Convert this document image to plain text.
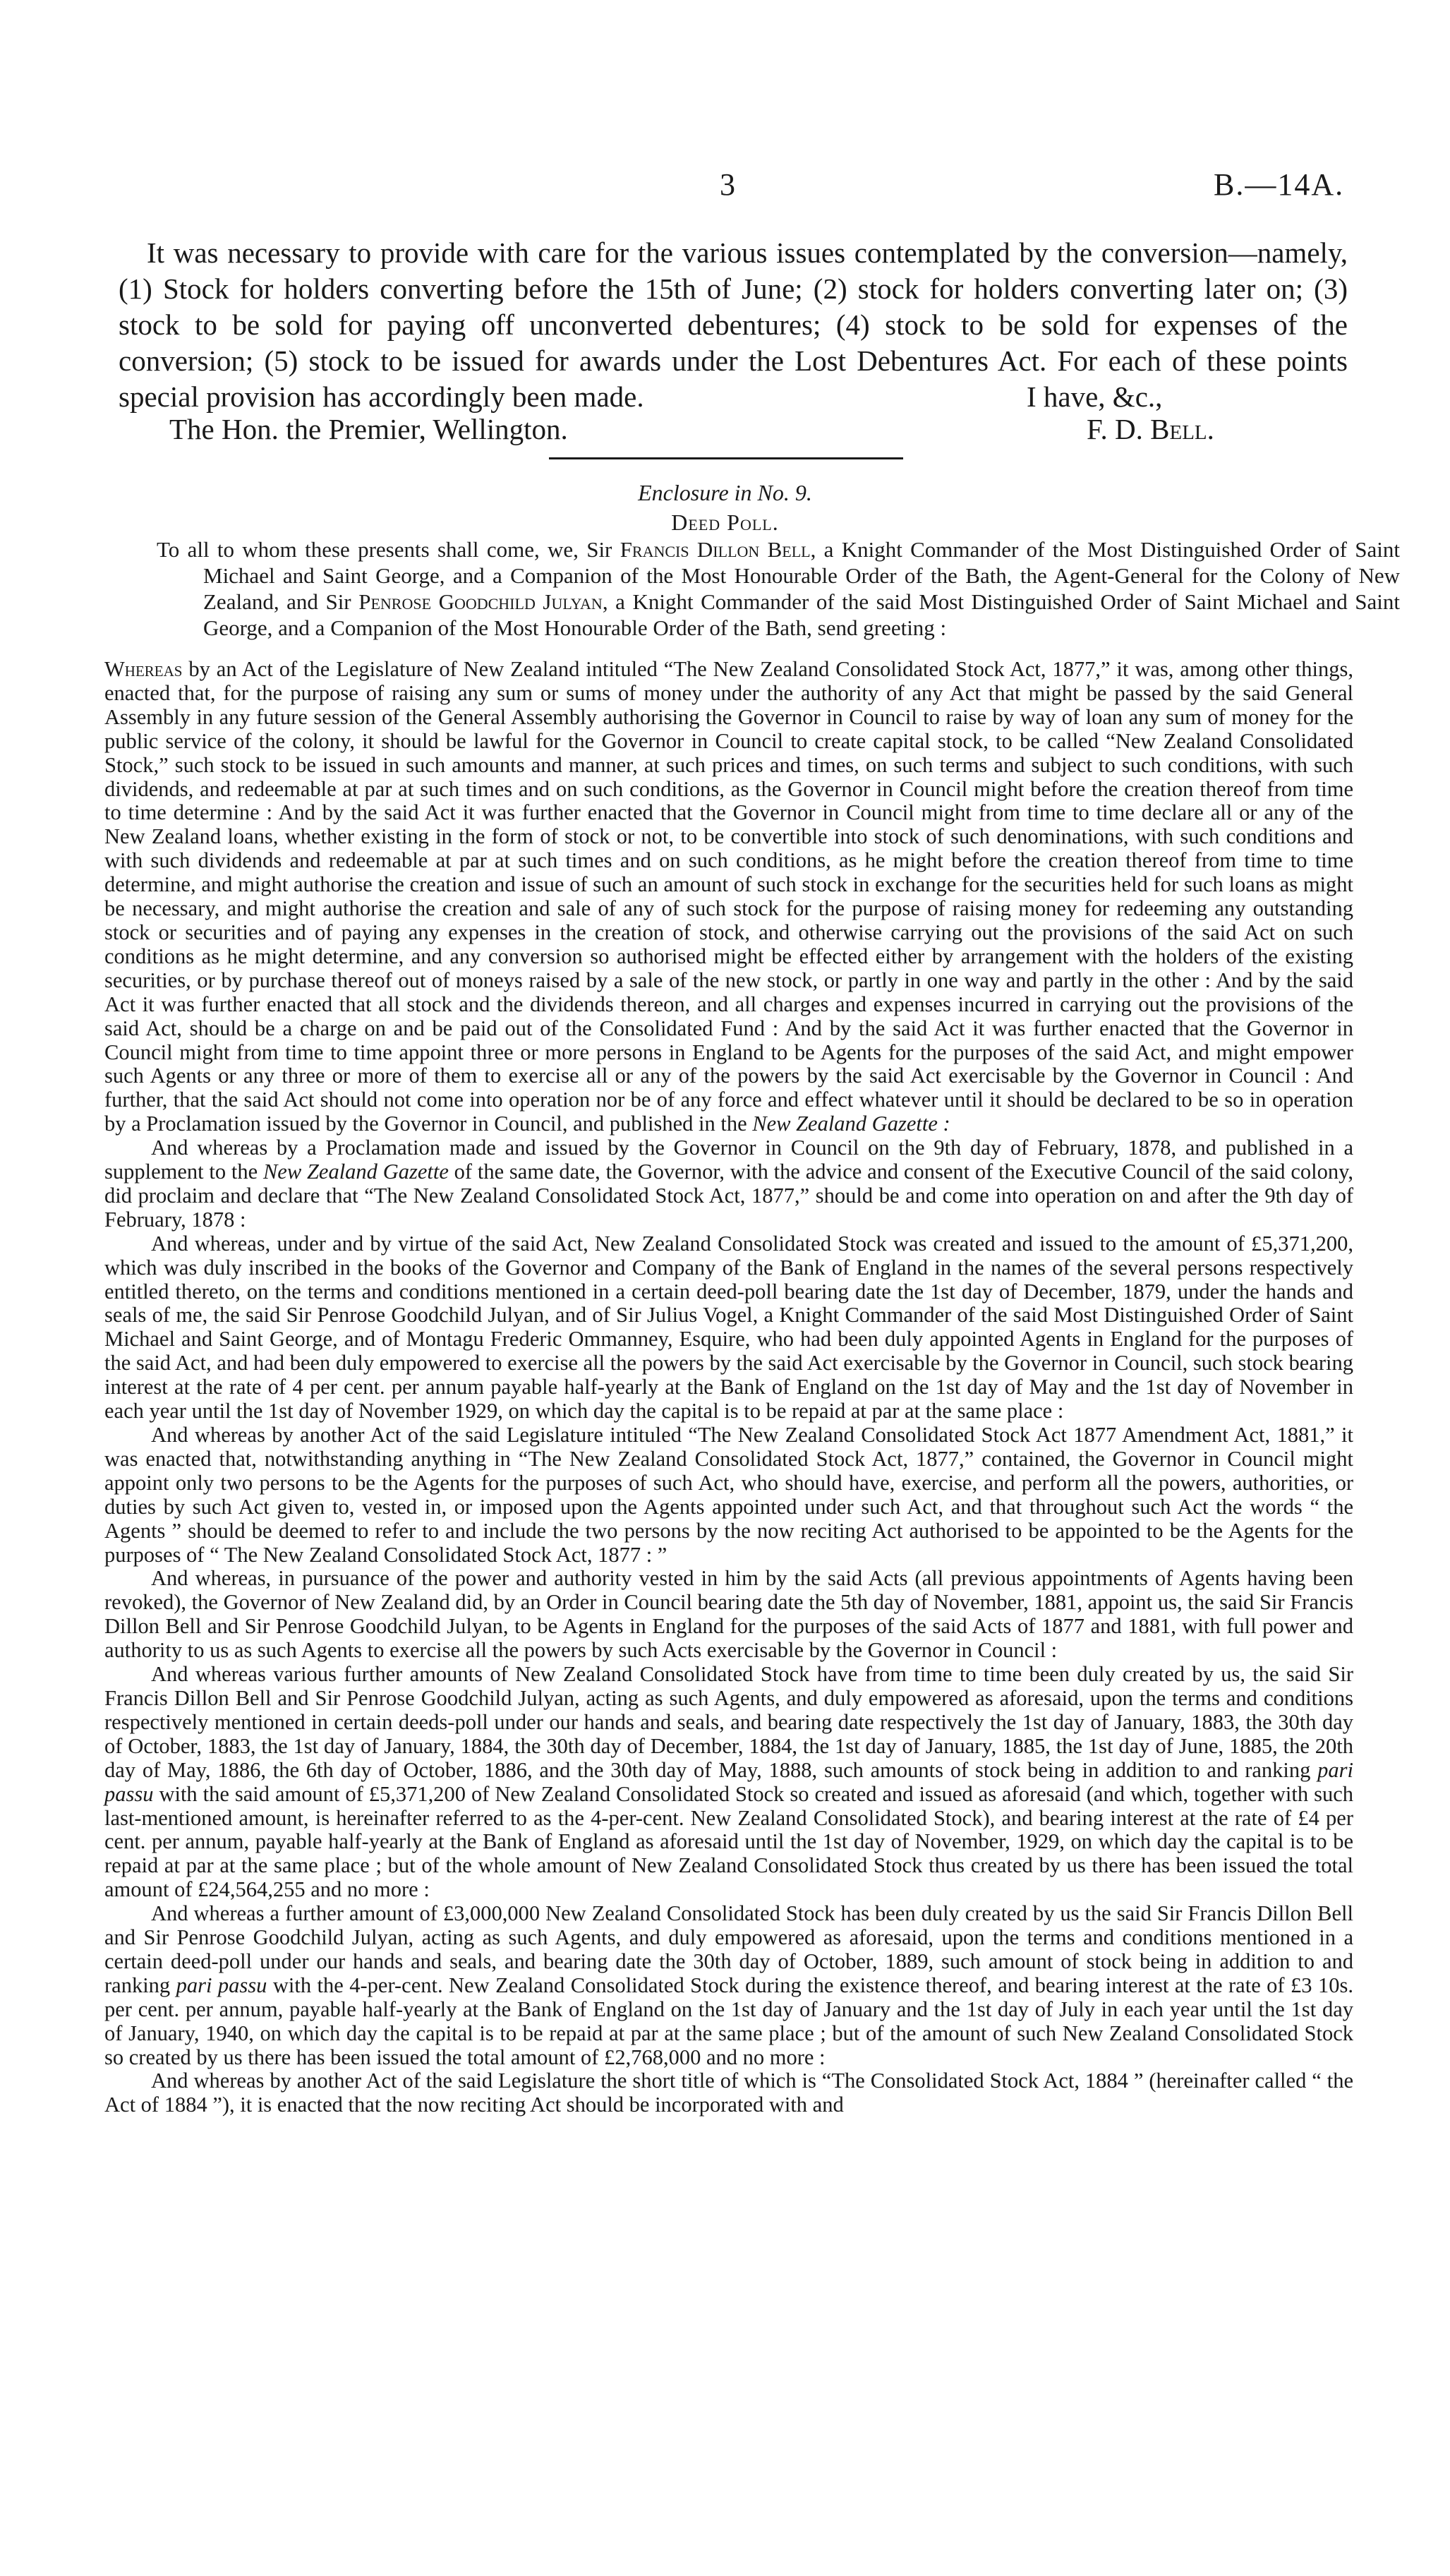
3	B.—14A.

It was necessary to provide with care for the various issues contemplated by the conversion—namely, (1) Stock for holders converting before the 15th of June; (2) stock for holders converting later on; (3) stock to be sold for paying off unconverted debentures; (4) stock to be sold for expenses of the conversion; (5) stock to be issued for awards under the Lost Debentures Act. For each of these points special provision has accordingly been made.	I have, &c.,
The Hon. the Premier, Wellington.	F. D. Bell.
Enclosure in No. 9.
Deed Poll.

To all to whom these presents shall come, we, Sir Francis Dillon Bell, a Knight Commander of the Most Distinguished Order of Saint Michael and Saint George, and a Companion of the Most Honourable Order of the Bath, the Agent-General for the Colony of New Zealand, and Sir Penrose Goodchild Julyan, a Knight Commander of the said Most Distinguished Order of Saint Michael and Saint George, and a Companion of the Most Honourable Order of the Bath, send greeting :

Whereas by an Act of the Legislature of New Zealand intituled “The New Zealand Consolidated Stock Act, 1877,” it was, among other things, enacted that, for the purpose of raising any sum or sums of money under the authority of any Act that might be passed by the said General Assembly in any future session of the General Assembly authorising the Governor in Council to raise by way of loan any sum of money for the public service of the colony, it should be lawful for the Governor in Council to create capital stock, to be called “New Zealand Consolidated Stock,” such stock to be issued in such amounts and manner, at such prices and times, on such terms and subject to such conditions, with such dividends, and redeemable at par at such times and on such conditions, as the Governor in Council might before the creation thereof from time to time determine : And by the said Act it was further enacted that the Governor in Council might from time to time declare all or any of the New Zealand loans, whether existing in the form of stock or not, to be convertible into stock of such denominations, with such conditions and with such dividends and redeemable at par at such times and on such conditions, as he might before the creation thereof from time to time determine, and might authorise the creation and issue of such an amount of such stock in exchange for the securities held for such loans as might be necessary, and might authorise the creation and sale of any of such stock for the purpose of raising money for redeeming any outstanding stock or securities and of paying any expenses in the creation of stock, and otherwise carrying out the provisions of the said Act on such conditions as he might determine, and any conversion so authorised might be effected either by arrangement with the holders of the existing securities, or by purchase thereof out of moneys raised by a sale of the new stock, or partly in one way and partly in the other : And by the said Act it was further enacted that all stock and the dividends thereon, and all charges and expenses incurred in carrying out the provisions of the said Act, should be a charge on and be paid out of the Consolidated Fund : And by the said Act it was further enacted that the Governor in Council might from time to time appoint three or more persons in England to be Agents for the purposes of the said Act, and might empower such Agents or any three or more of them to exercise all or any of the powers by the said Act exercisable by the Governor in Council : And further, that the said Act should not come into operation nor be of any force and effect whatever until it should be declared to be so in operation by a Proclamation issued by the Governor in Council, and published in the New Zealand Gazette :

And whereas by a Proclamation made and issued by the Governor in Council on the 9th day of February, 1878, and published in a supplement to the New Zealand Gazette of the same date, the Governor, with the advice and consent of the Executive Council of the said colony, did proclaim and declare that “The New Zealand Consolidated Stock Act, 1877,” should be and come into operation on and after the 9th day of February, 1878 :

And whereas, under and by virtue of the said Act, New Zealand Consolidated Stock was created and issued to the amount of £5,371,200, which was duly inscribed in the books of the Governor and Company of the Bank of England in the names of the several persons respectively entitled thereto, on the terms and conditions mentioned in a certain deed-poll bearing date the 1st day of December, 1879, under the hands and seals of me, the said Sir Penrose Goodchild Julyan, and of Sir Julius Vogel, a Knight Commander of the said Most Distinguished Order of Saint Michael and Saint George, and of Montagu Frederic Ommanney, Esquire, who had been duly appointed Agents in England for the purposes of the said Act, and had been duly empowered to exercise all the powers by the said Act exercisable by the Governor in Council, such stock bearing interest at the rate of 4 per cent. per annum payable half-yearly at the Bank of England on the 1st day of May and the 1st day of November in each year until the 1st day of November 1929, on which day the capital is to be repaid at par at the same place :

And whereas by another Act of the said Legislature intituled “The New Zealand Consolidated Stock Act 1877 Amendment Act, 1881,” it was enacted that, notwithstanding anything in “The New Zealand Consolidated Stock Act, 1877,” contained, the Governor in Council might appoint only two persons to be the Agents for the purposes of such Act, who should have, exercise, and perform all the powers, authorities, or duties by such Act given to, vested in, or imposed upon the Agents appointed under such Act, and that throughout such Act the words “ the Agents ” should be deemed to refer to and include the two persons by the now reciting Act authorised to be appointed to be the Agents for the purposes of “ The New Zealand Consolidated Stock Act, 1877 : ”

And whereas, in pursuance of the power and authority vested in him by the said Acts (all previous appointments of Agents having been revoked), the Governor of New Zealand did, by an Order in Council bearing date the 5th day of November, 1881, appoint us, the said Sir Francis Dillon Bell and Sir Penrose Goodchild Julyan, to be Agents in England for the purposes of the said Acts of 1877 and 1881, with full power and authority to us as such Agents to exercise all the powers by such Acts exercisable by the Governor in Council :

And whereas various further amounts of New Zealand Consolidated Stock have from time to time been duly created by us, the said Sir Francis Dillon Bell and Sir Penrose Goodchild Julyan, acting as such Agents, and duly empowered as aforesaid, upon the terms and conditions respectively mentioned in certain deeds-poll under our hands and seals, and bearing date respectively the 1st day of January, 1883, the 30th day of October, 1883, the 1st day of January, 1884, the 30th day of December, 1884, the 1st day of January, 1885, the 1st day of June, 1885, the 20th day of May, 1886, the 6th day of October, 1886, and the 30th day of May, 1888, such amounts of stock being in addition to and ranking pari passu with the said amount of £5,371,200 of New Zealand Consolidated Stock so created and issued as aforesaid (and which, together with such last-mentioned amount, is hereinafter referred to as the 4-per-cent. New Zealand Consolidated Stock), and bearing interest at the rate of £4 per cent. per annum, payable half-yearly at the Bank of England as aforesaid until the 1st day of November, 1929, on which day the capital is to be repaid at par at the same place ; but of the whole amount of New Zealand Consolidated Stock thus created by us there has been issued the total amount of £24,564,255 and no more :

And whereas a further amount of £3,000,000 New Zealand Consolidated Stock has been duly created by us the said Sir Francis Dillon Bell and Sir Penrose Goodchild Julyan, acting as such Agents, and duly empowered as aforesaid, upon the terms and conditions mentioned in a certain deed-poll under our hands and seals, and bearing date the 30th day of October, 1889, such amount of stock being in addition to and ranking pari passu with the 4-per-cent. New Zealand Consolidated Stock during the existence thereof, and bearing interest at the rate of £3 10s. per cent. per annum, payable half-yearly at the Bank of England on the 1st day of January and the 1st day of July in each year until the 1st day of January, 1940, on which day the capital is to be repaid at par at the same place ; but of the amount of such New Zealand Consolidated Stock so created by us there has been issued the total amount of £2,768,000 and no more :

And whereas by another Act of the said Legislature the short title of which is “The Consolidated Stock Act, 1884 ” (hereinafter called “ the Act of 1884 ”), it is enacted that the now reciting Act should be incorporated with and
